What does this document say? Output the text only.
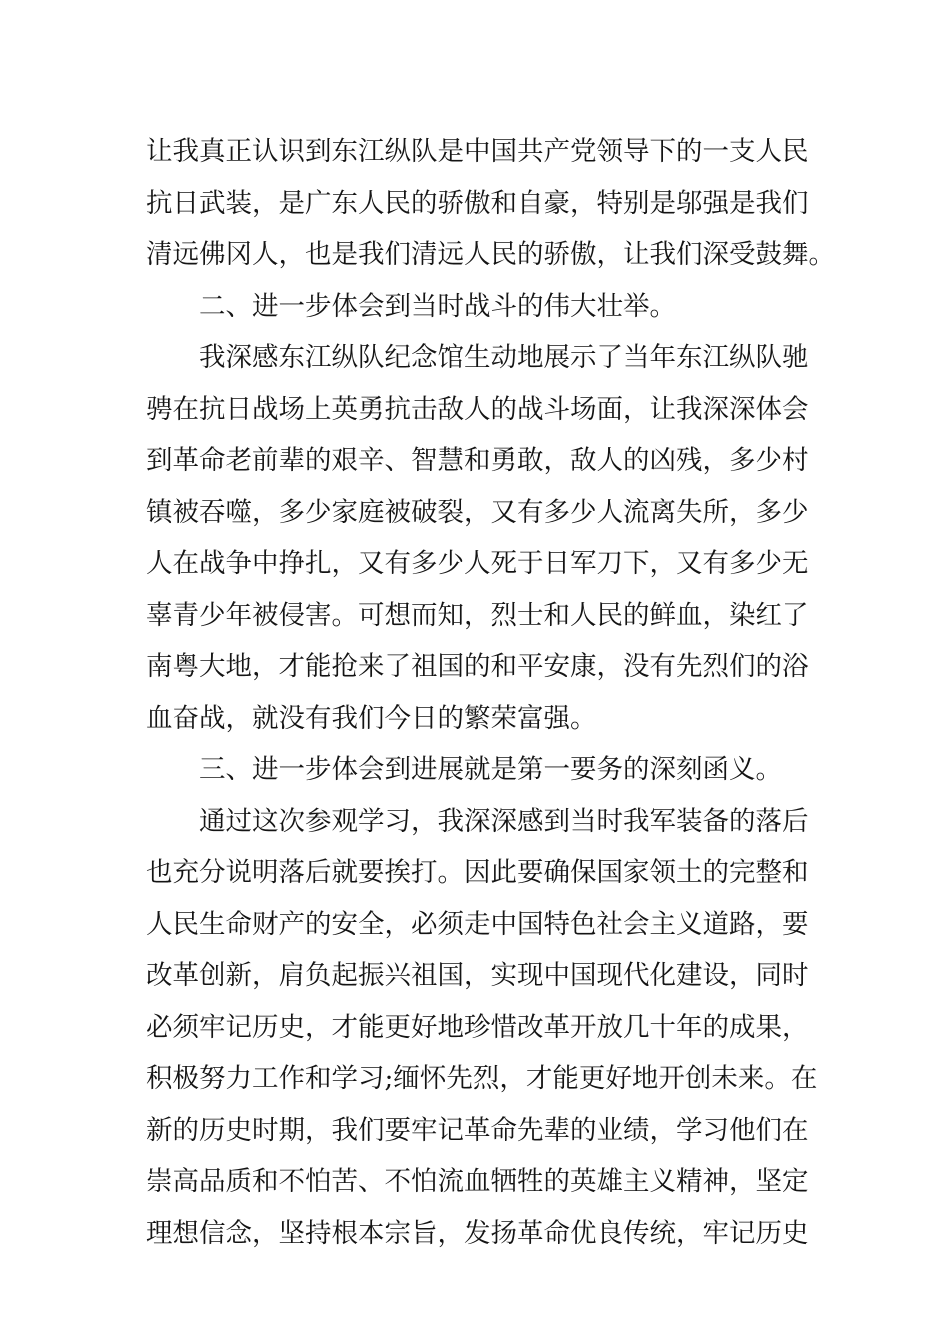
让我真正认识到东江纵队是中国共产党领导下的一支人民
抗日武装，是广东人民的骄傲和自豪，特别是邬强是我们
清远佛冈人，也是我们清远人民的骄傲，让我们深受鼓舞。
二、进一步体会到当时战斗的伟大壮举。
我深感东江纵队纪念馆生动地展示了当年东江纵队驰
骋在抗日战场上英勇抗击敌人的战斗场面，让我深深体会
到革命老前辈的艰辛、智慧和勇敢，敌人的凶残，多少村
镇被吞噬，多少家庭被破裂，又有多少人流离失所，多少
人在战争中挣扎，又有多少人死于日军刀下，又有多少无
辜青少年被侵害。可想而知，烈士和人民的鲜血，染红了
南粤大地，才能抢来了祖国的和平安康，没有先烈们的浴
血奋战，就没有我们今日的繁荣富强。
三、进一步体会到进展就是第一要务的深刻函义。
通过这次参观学习，我深深感到当时我军装备的落后
也充分说明落后就要挨打。因此要确保国家领土的完整和
人民生命财产的安全，必须走中国特色社会主义道路，要
改革创新，肩负起振兴祖国，实现中国现代化建设，同时
必须牢记历史，才能更好地珍惜改革开放几十年的成果，
积极努力工作和学习;缅怀先烈，才能更好地开创未来。在
新的历史时期，我们要牢记革命先辈的业绩，学习他们在
崇高品质和不怕苦、不怕流血牺牲的英雄主义精神，坚定
理想信念，坚持根本宗旨，发扬革命优良传统，牢记历史
